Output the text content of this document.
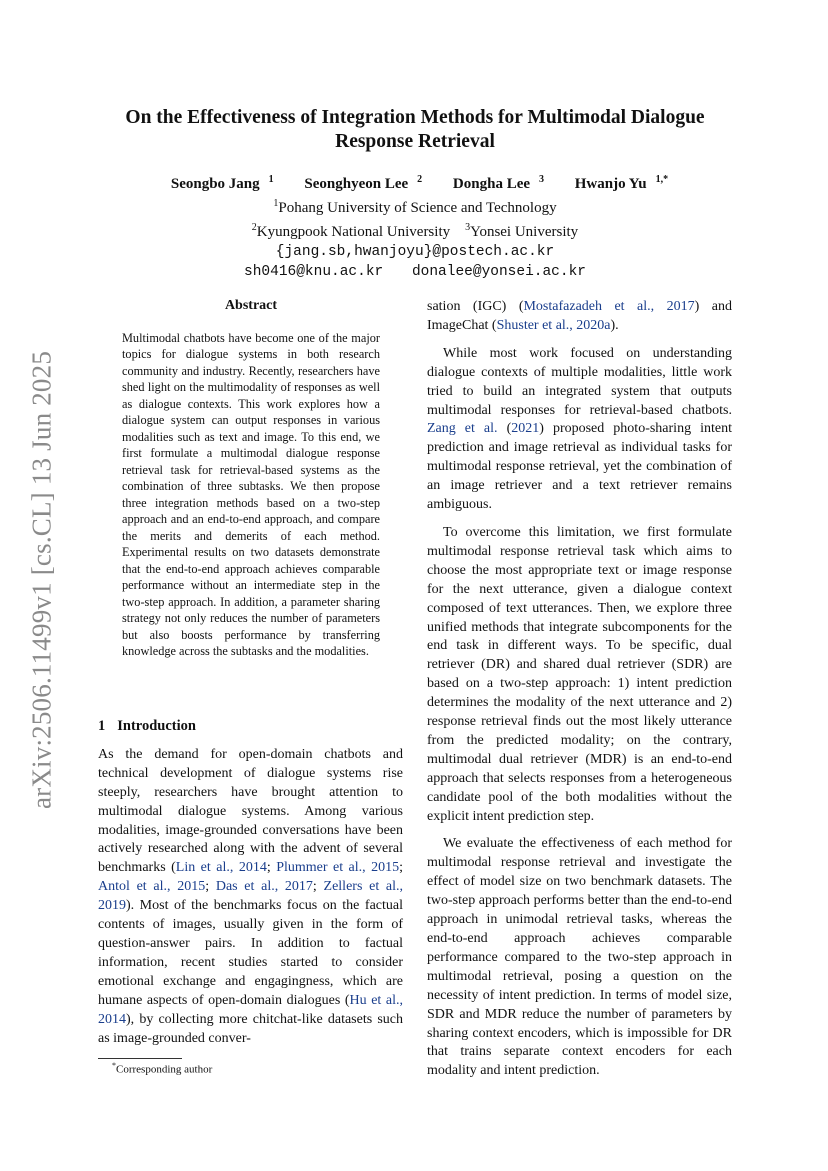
arXiv:2506.11499v1 [cs.CL] 13 Jun 2025
On the Effectiveness of Integration Methods for Multimodal Dialogue Response Retrieval
Seongbo Jang $^1$ Seonghyeon Lee $^2$ Dongha Lee $^3$ Hwanjo Yu $^{1,*}$
$^1$Pohang University of Science and Technology
$^2$Kyungpook National University $^3$Yonsei University
{jang.sb,hwanjoyu}@postech.ac.kr
sh0416@knu.ac.kr donalee@yonsei.ac.kr
Abstract

Multimodal chatbots have become one of the major topics for dialogue systems in both research community and industry. Recently, researchers have shed light on the multimodality of responses as well as dialogue contexts. This work explores how a dialogue system can output responses in various modalities such as text and image. To this end, we first formulate a multimodal dialogue response retrieval task for retrieval-based systems as the combination of three subtasks. We then propose three integration methods based on a two-step approach and an end-to-end approach, and compare the merits and demerits of each method. Experimental results on two datasets demonstrate that the end-to-end approach achieves comparable performance without an intermediate step in the two-step approach. In addition, a parameter sharing strategy not only reduces the number of parameters but also boosts performance by transferring knowledge across the subtasks and the modalities.

1 Introduction

As the demand for open-domain chatbots and technical development of dialogue systems rise steeply, researchers have brought attention to multimodal dialogue systems. Among various modalities, image-grounded conversations have been actively researched along with the advent of several benchmarks (Lin et al., 2014; Plummer et al., 2015; Antol et al., 2015; Das et al., 2017; Zellers et al., 2019). Most of the benchmarks focus on the factual contents of images, usually given in the form of question-answer pairs. In addition to factual information, recent studies started to consider emotional exchange and engagingness, which are humane aspects of open-domain dialogues (Hu et al., 2014), by collecting more chitchat-like datasets such as image-grounded conver-

sation (IGC) (Mostafazadeh et al., 2017) and ImageChat (Shuster et al., 2020a).

While most work focused on understanding dialogue contexts of multiple modalities, little work tried to build an integrated system that outputs multimodal responses for retrieval-based chatbots. Zang et al. (2021) proposed photo-sharing intent prediction and image retrieval as individual tasks for multimodal response retrieval, yet the combination of an image retriever and a text retriever remains ambiguous.

To overcome this limitation, we first formulate multimodal response retrieval task which aims to choose the most appropriate text or image response for the next utterance, given a dialogue context composed of text utterances. Then, we explore three unified methods that integrate subcomponents for the end task in different ways. To be specific, dual retriever (DR) and shared dual retriever (SDR) are based on a two-step approach: 1) intent prediction determines the modality of the next utterance and 2) response retrieval finds out the most likely utterance from the predicted modality; on the contrary, multimodal dual retriever (MDR) is an end-to-end approach that selects responses from a heterogeneous candidate pool of the both modalities without the explicit intent prediction step.

We evaluate the effectiveness of each method for multimodal response retrieval and investigate the effect of model size on two benchmark datasets. The two-step approach performs better than the end-to-end approach in unimodal retrieval tasks, whereas the end-to-end approach achieves comparable performance compared to the two-step approach in multimodal retrieval, posing a question on the necessity of intent prediction. In terms of model size, SDR and MDR reduce the number of parameters by sharing context encoders, which is impossible for DR that trains separate context encoders for each modality and intent prediction.

*Corresponding author
